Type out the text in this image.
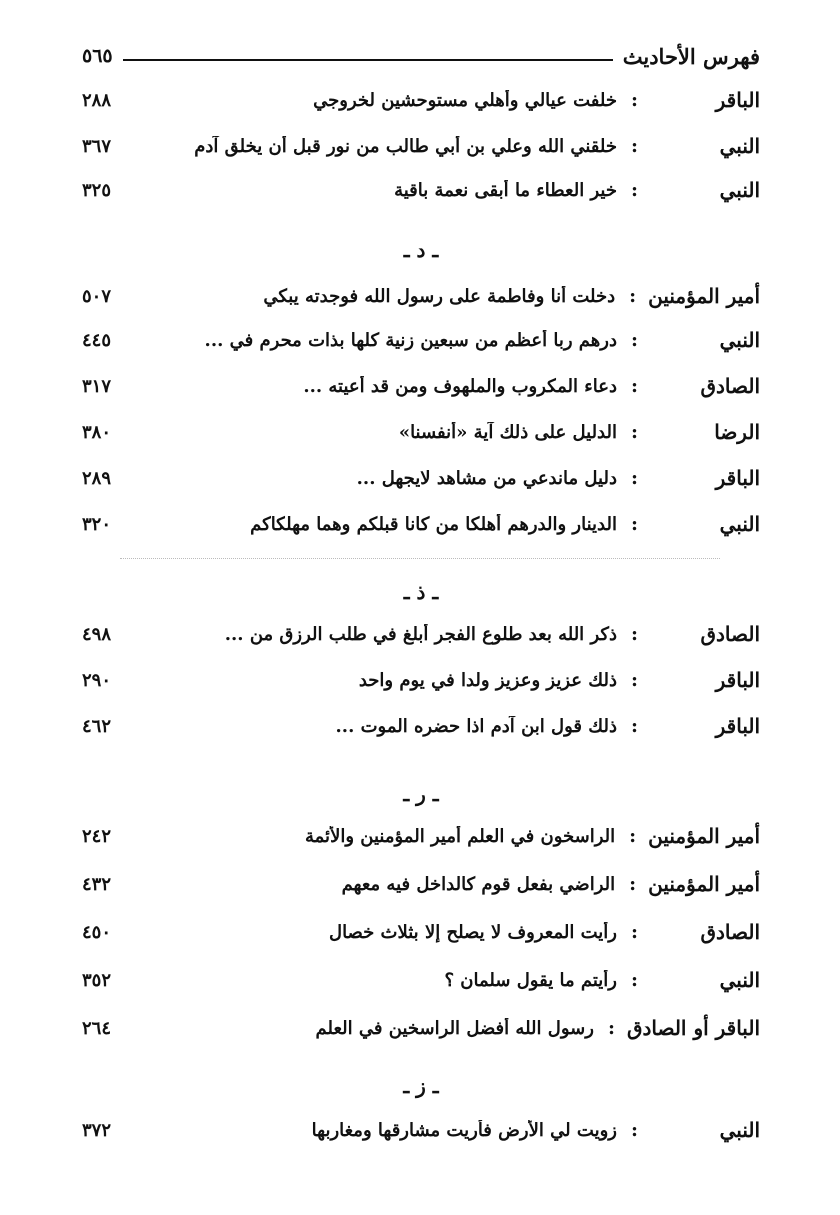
فهرس الأحاديث
٥٦٥
الباقر
:
خلفت عيالي وأهلي مستوحشين لخروجي
٢٨٨
النبي
:
خلقني الله وعلي بن أبي طالب من نور قبل أن يخلق آدم
٣٦٧
النبي
:
خير العطاء ما أبقى نعمة باقية
٣٢٥
ـ د ـ
أمير المؤمنين
:
دخلت أنا وفاطمة على رسول الله فوجدته يبكي
٥٠٧
النبي
:
درهم ربا أعظم من سبعين زنية كلها بذات محرم في ...
٤٤٥
الصادق
:
دعاء المكروب والملهوف ومن قد أعيته ...
٣١٧
الرضا
:
الدليل على ذلك آية «أنفسنا»
٣٨٠
الباقر
:
دليل ماندعي من مشاهد لايجهل ...
٢٨٩
النبي
:
الدينار والدرهم أهلكا من كانا قبلكم وهما مهلكاكم
٣٢٠
ـ ذ ـ
الصادق
:
ذكر الله بعد طلوع الفجر أبلغ في طلب الرزق من ...
٤٩٨
الباقر
:
ذلك عزيز وعزيز ولدا في يوم واحد
٢٩٠
الباقر
:
ذلك قول ابن آدم اذا حضره الموت ...
٤٦٢
ـ ر ـ
أمير المؤمنين
:
الراسخون في العلم أمير المؤمنين والأئمة
٢٤٢
أمير المؤمنين
:
الراضي بفعل قوم كالداخل فيه معهم
٤٣٢
الصادق
:
رأيت المعروف لا يصلح إلا بثلاث خصال
٤٥٠
النبي
:
رأيتم ما يقول سلمان ؟
٣٥٢
الباقر أو الصادق
:
رسول الله أفضل الراسخين في العلم
٢٦٤
ـ ز ـ
النبي
:
زويت لي الأرض فأريت مشارقها ومغاربها
٣٧٢
